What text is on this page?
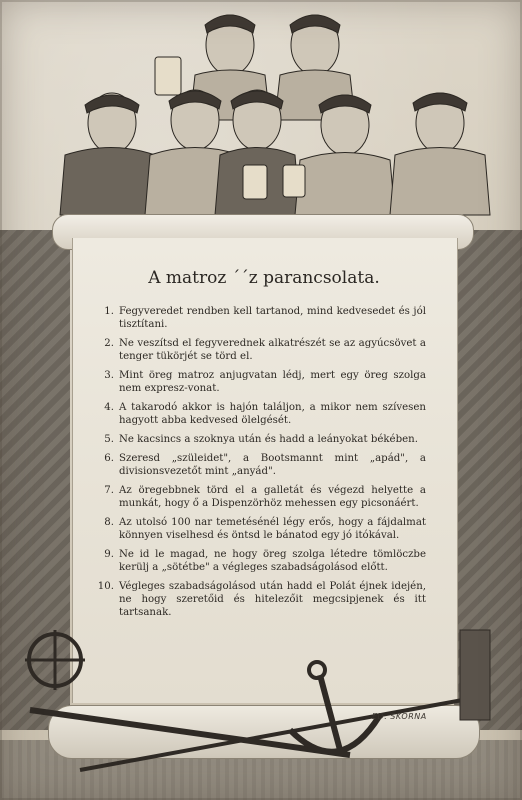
A matroz ´´z parancsolata.
1. Fegyveredet rendben kell tartanod, mind kedvesedet és jól tisztítani.
2. Ne veszítsd el fegyverednek alkatrészét se az agyúcsövet a tenger tükörjét se törd el.
3. Mint öreg matroz anjugvatan lédj, mert egy öreg szolga nem expresz-vonat.
4. A takarodó akkor is hajón találjon, a mikor nem szívesen hagyott abba kedvesed ölelgését.
5. Ne kacsincs a szoknya után és hadd a leányokat békében.
6. Szeresd „szüleidet", a Bootsmannt mint „apád", a divisionsvezetőt mint „anyád".
7. Az öregebbnek törd el a galletát és végezd helyette a munkát, hogy ő a Dispenzörhöz mehessen egy picsonáért.
8. Az utolsó 100 nar temetésénél légy erős, hogy a fájdalmat könnyen viselhesd és öntsd le bánatod egy jó itókával.
9. Ne id le magad, ne hogy öreg szolga létedre tömlöczbe kerülj a „sötétbe" a végleges szabadságolásod előtt.
10. Végleges szabadságolásod után hadd el Polát éjnek idején, ne hogy szeretőid és hitelezőit megcsipjenek és itt tartsanak.
ED. SKORNA
